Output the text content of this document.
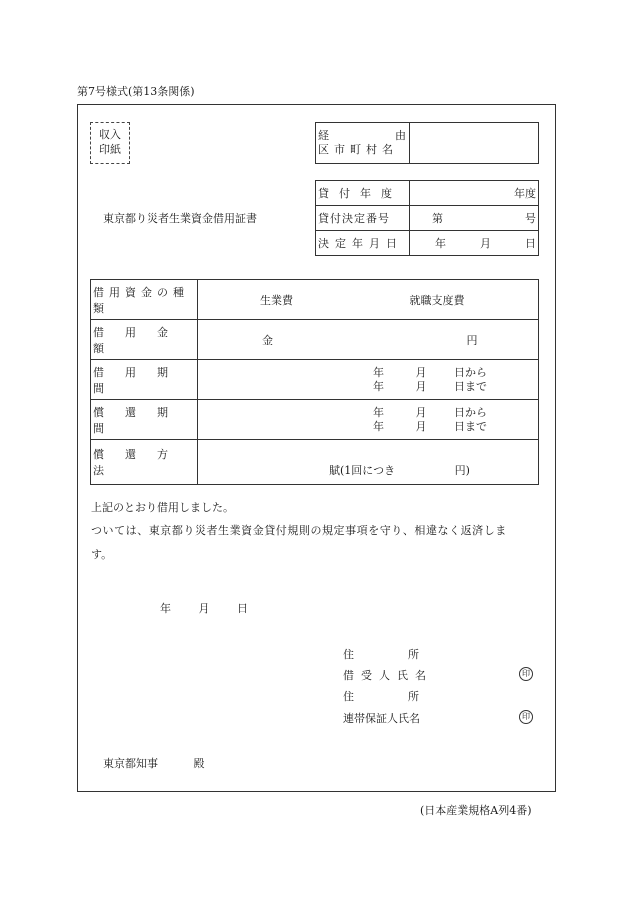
第7号様式(第13条関係)
収入
印紙
経	由
区市町村名

東京都り災者生業資金借用証書
貸付年度	年度

貸付決定番号	第 号

決定年月日	年 月 日
借用資金の種類	生業費 就職支度費

借用金額	金 円

借用期間	年 月 日から
年 月 日まで

償還期間	年 月 日から
年 月 日まで

償還方法	賦(1回につき 円)
上記のとおり借用しました。
ついては、東京都り災者生業資金貸付規則の規定事項を守り、相違なく返済しま
す。
年	月	日
住所
借受人氏名	印
住所
連帯保証人氏名	印
東京都知事	殿
(日本産業規格A列4番)
